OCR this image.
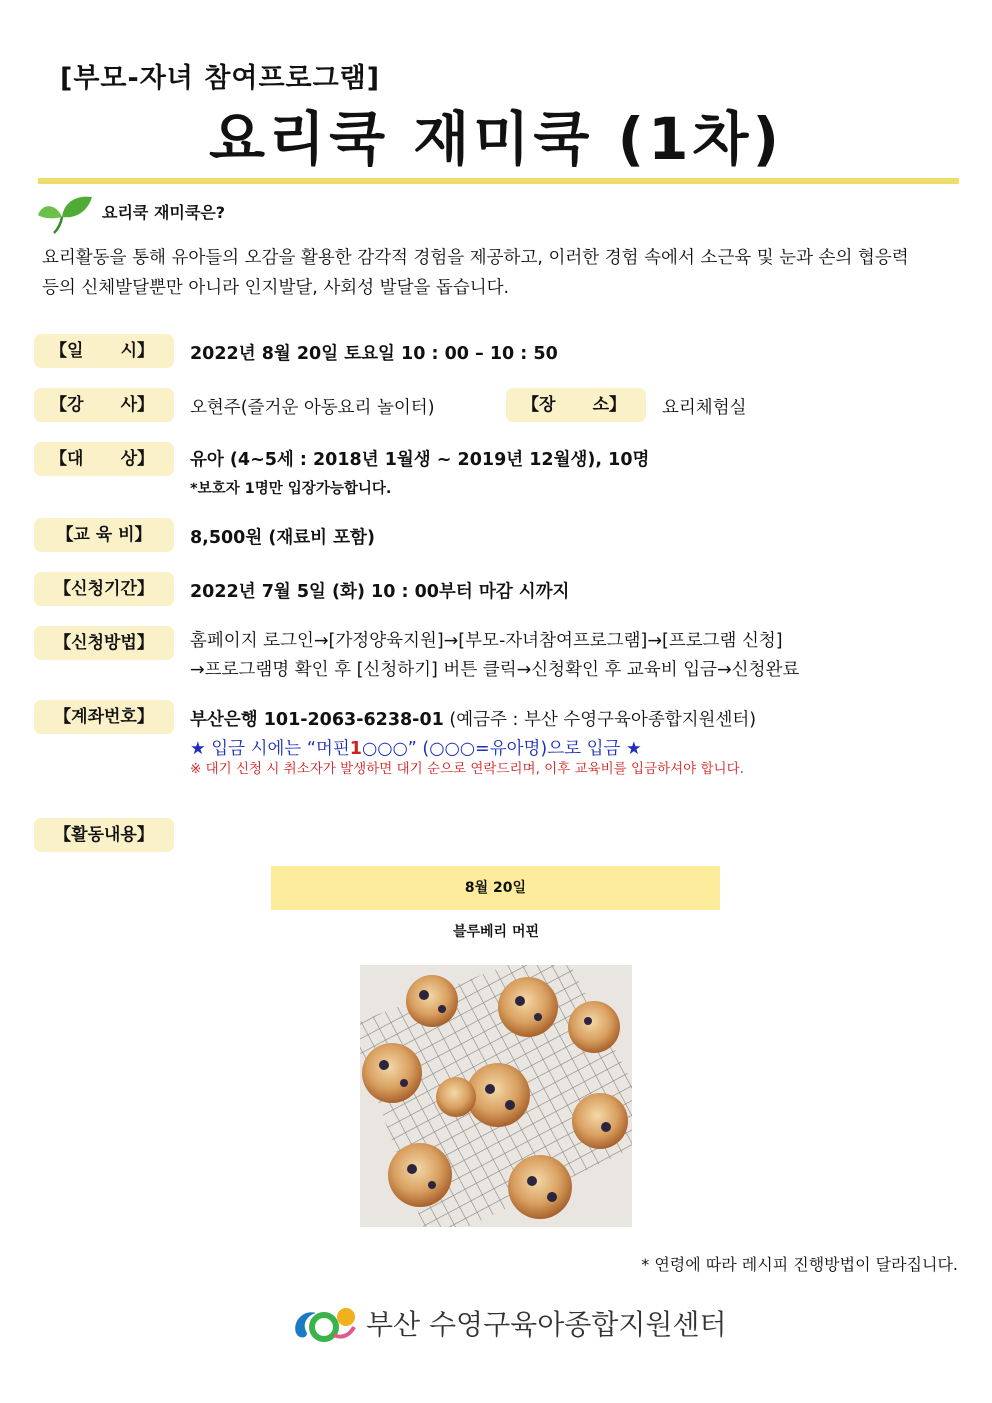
[부모-자녀 참여프로그램]
요리쿡 재미쿡 (1차)
요리쿡 재미쿡은?
요리활동을 통해 유아들의 오감을 활용한 감각적 경험을 제공하고, 이러한 경험 속에서 소근육 및 눈과 손의 협응력 등의 신체발달뿐만 아니라 인지발달, 사회성 발달을 돕습니다.
【일 시】 2022년 8월 20일 토요일 10 : 00 – 10 : 50
【강 사】 오현주(즐거운 아동요리 놀이터)	【장 소】 요리체험실
【대 상】 유아 (4~5세 : 2018년 1월생 ~ 2019년 12월생), 10명
*보호자 1명만 입장가능합니다.
【교 육 비】	8,500원 (재료비 포함)
【신청기간】	2022년 7월 5일 (화) 10 : 00부터 마감 시까지
【신청방법】	홈페이지 로그인→[가정양육지원]→[부모-자녀참여프로그램]→[프로그램 신청]
→프로그램명 확인 후 [신청하기] 버튼 클릭→신청확인 후 교육비 입금→신청완료
【계좌번호】	부산은행 101-2063-6238-01 (예금주 : 부산 수영구육아종합지원센터)
★ 입금 시에는 “머핀1○○○” (○○○=유아명)으로 입금 ★
※ 대기 신청 시 취소자가 발생하면 대기 순으로 연락드리며, 이후 교육비를 입금하셔야 합니다.
【활동내용】
8월 20일
블루베리 머핀
* 연령에 따라 레시피 진행방법이 달라집니다.
부산 수영구육아종합지원센터
